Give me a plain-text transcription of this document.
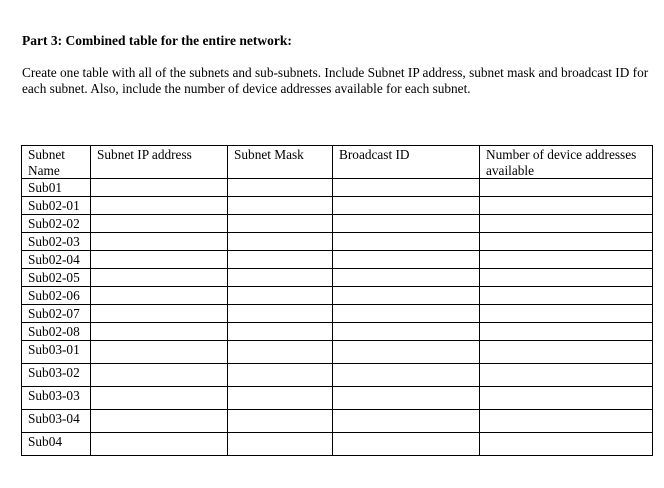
Part 3: Combined table for the entire network:

Create one table with all of the subnets and sub-subnets. Include Subnet IP address, subnet mask and broadcast ID for each subnet. Also, include the number of device addresses available for each subnet.

Subnet Name	Subnet IP address	Subnet Mask	Broadcast ID	Number of device addresses available
Sub01				
Sub02-01				
Sub02-02				
Sub02-03				
Sub02-04				
Sub02-05				
Sub02-06				
Sub02-07				
Sub02-08				
Sub03-01				
Sub03-02				
Sub03-03				
Sub03-04				
Sub04				
